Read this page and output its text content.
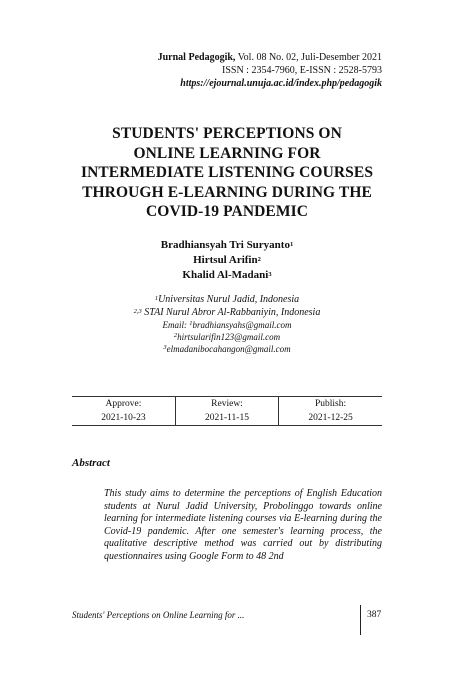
Jurnal Pedagogik, Vol. 08 No. 02, Juli-Desember 2021
ISSN : 2354-7960, E-ISSN : 2528-5793
https://ejournal.unuja.ac.id/index.php/pedagogik
STUDENTS' PERCEPTIONS ON
ONLINE LEARNING FOR
INTERMEDIATE LISTENING COURSES
THROUGH E-LEARNING DURING THE
COVID-19 PANDEMIC
Bradhiansyah Tri Suryanto$^1$
Hirtsul Arifin$^2$
Khalid Al-Madani$^3$
$^1$Universitas Nurul Jadid, Indonesia
$^{2,3}$ STAI Nurul Abror Al-Rabbaniyin, Indonesia
Email: $^1$bradhiansyahs@gmail.com
$^2$hirtsularifin123@gmail.com
$^3$elmadanibocahangon@gmail.com
Approve:	Review:	Publish:
2021-10-23	2021-11-15	2021-12-25
Abstract
This study aims to determine the perceptions of English Education students at Nurul Jadid University, Probolinggo towards online learning for intermediate listening courses via E-learning during the Covid-19 pandemic. After one semester's learning process, the qualitative descriptive method was carried out by distributing questionnaires using Google Form to 48 2nd
Students' Perceptions on Online Learning for ...	387
